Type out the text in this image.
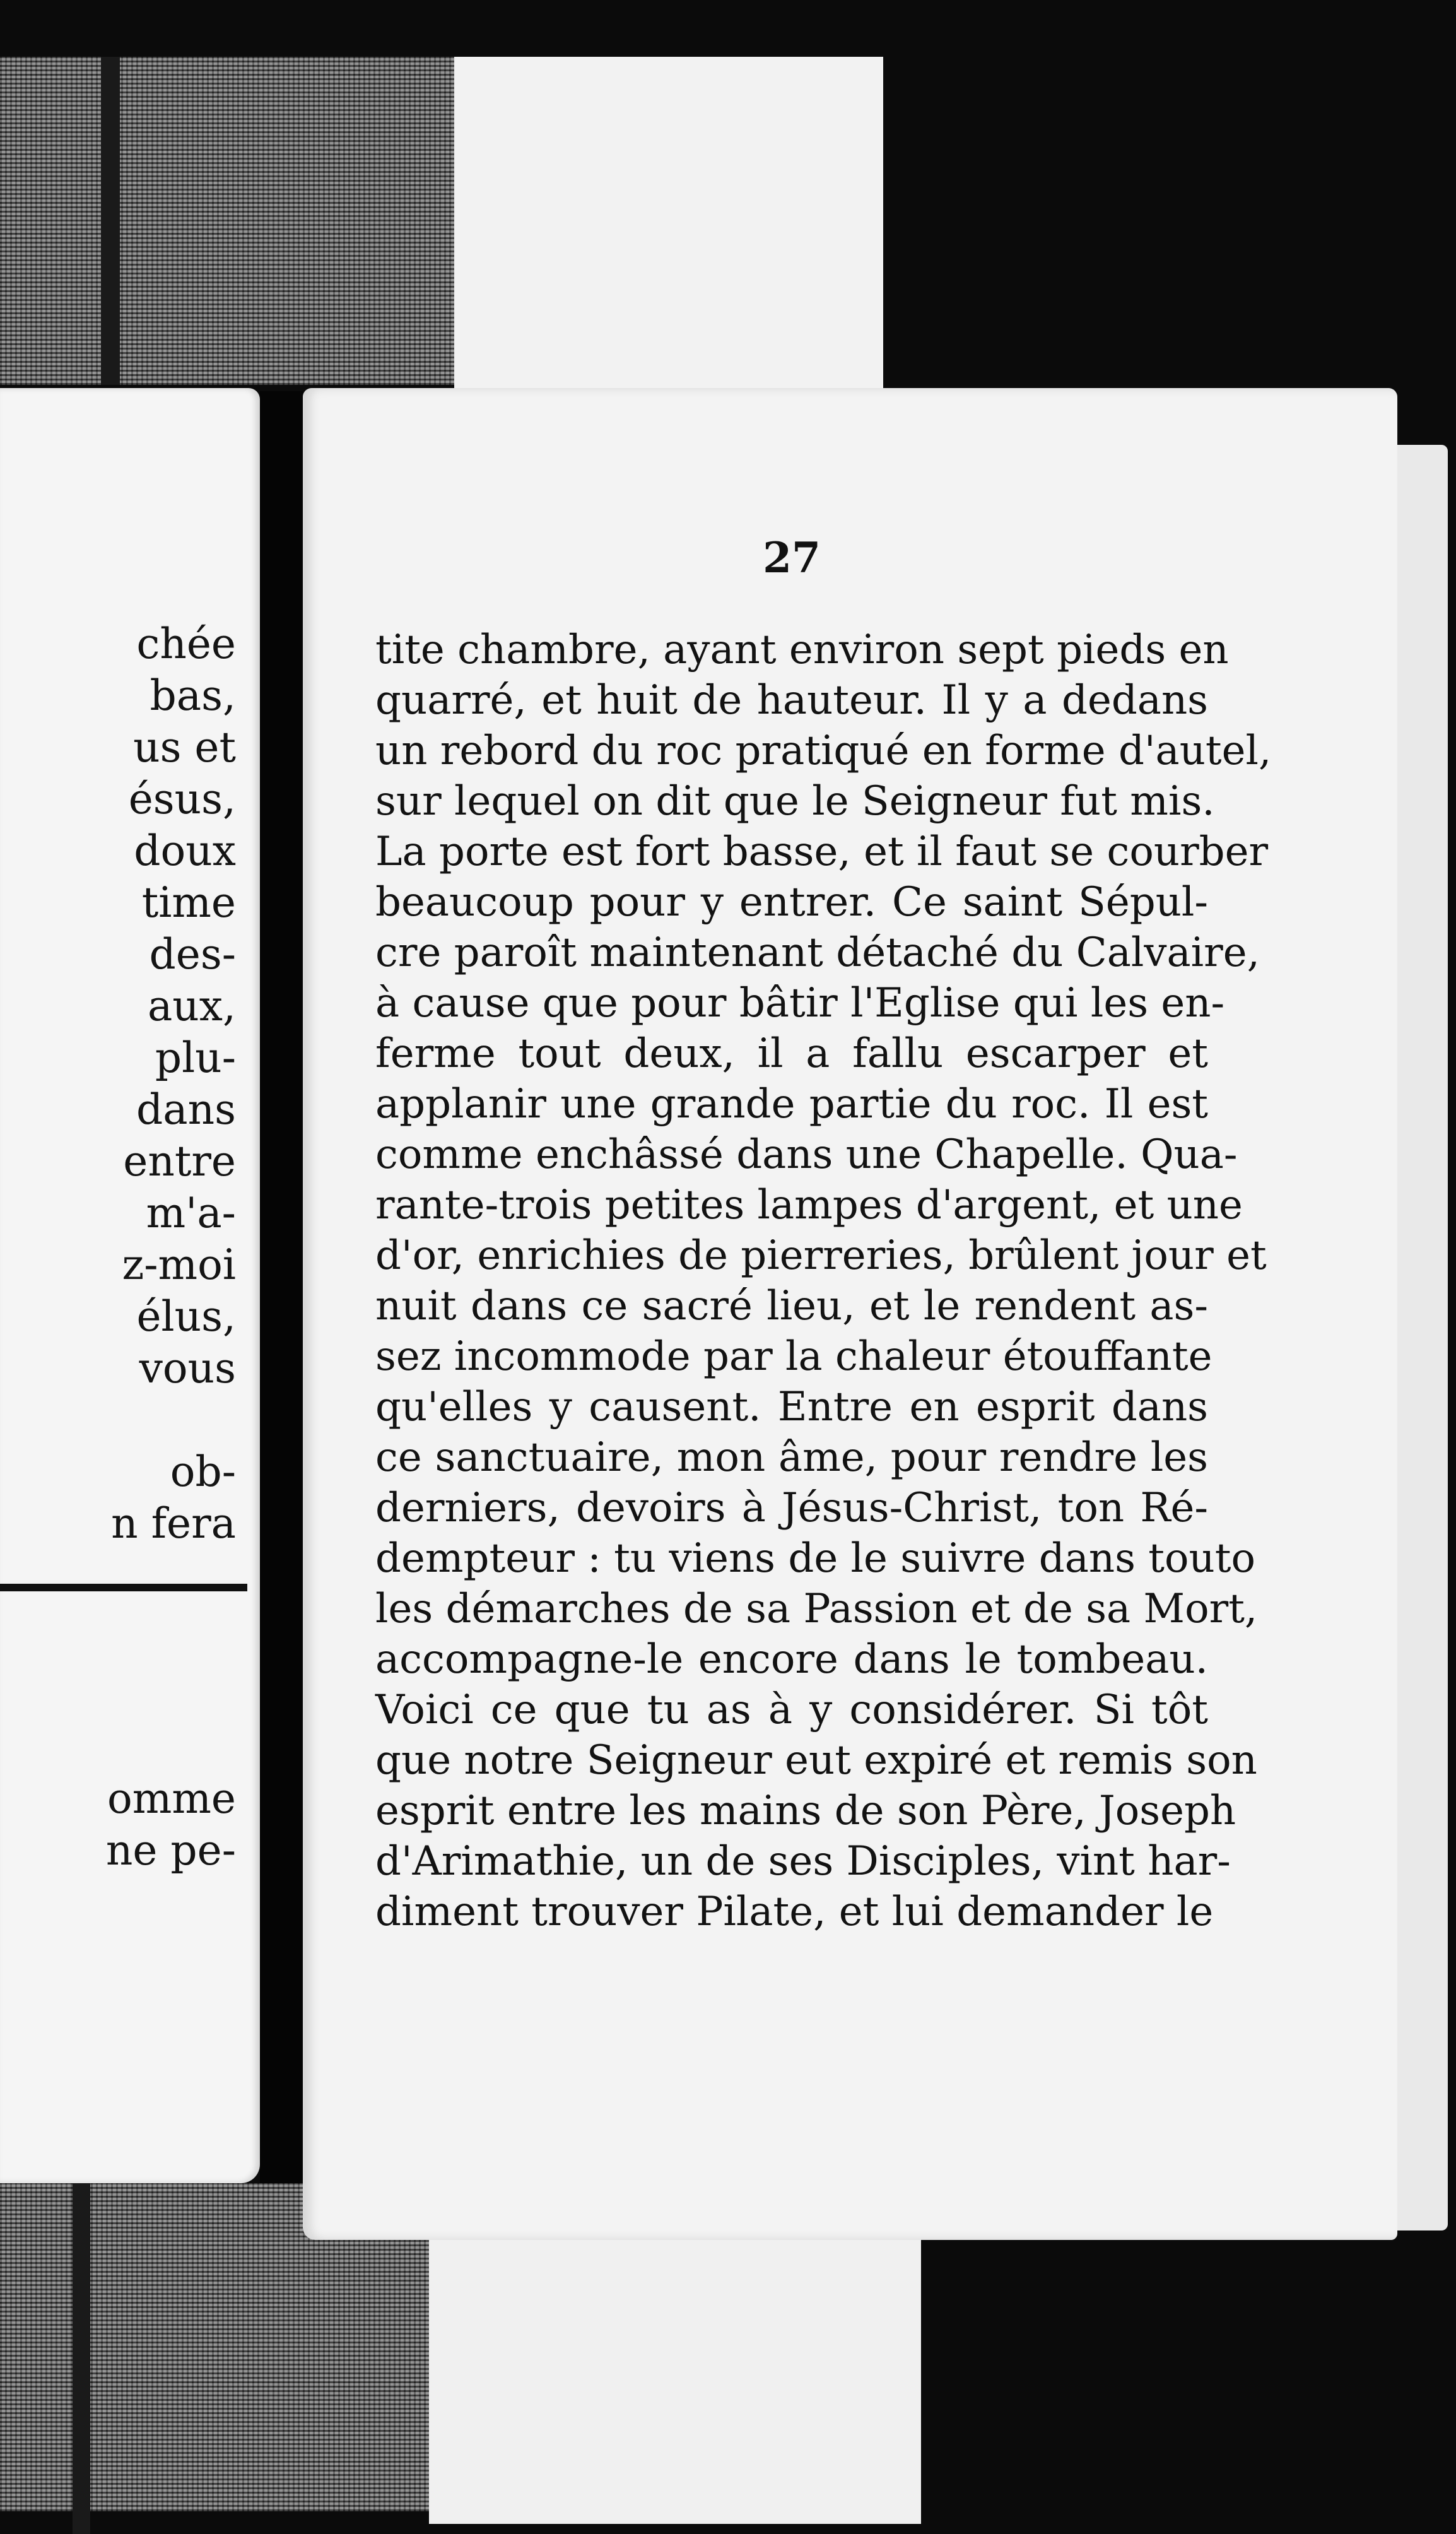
chée
bas,
us et
ésus,
doux
time
des-
aux,
plu-
dans
entre
m'a-
z-moi
élus,
vous
ob-
n fera
omme ne pe-
27
tite chambre, ayant environ sept pieds en
quarré, et huit de hauteur. Il y a dedans
un rebord du roc pratiqué en forme d'autel,
sur lequel on dit que le Seigneur fut mis.
La porte est fort basse, et il faut se courber
beaucoup pour y entrer. Ce saint Sépul-
cre paroît maintenant détaché du Calvaire,
à cause que pour bâtir l'Eglise qui les en-
ferme tout deux, il a fallu escarper et
applanir une grande partie du roc. Il est
comme enchâssé dans une Chapelle. Qua-
rante-trois petites lampes d'argent, et une
d'or, enrichies de pierreries, brûlent jour et
nuit dans ce sacré lieu, et le rendent as-
sez incommode par la chaleur étouffante
qu'elles y causent. Entre en esprit dans
ce sanctuaire, mon âme, pour rendre les
derniers, devoirs à Jésus-Christ, ton Ré-
dempteur : tu viens de le suivre dans touto
les démarches de sa Passion et de sa Mort,
accompagne-le encore dans le tombeau.
Voici ce que tu as à y considérer. Si tôt
que notre Seigneur eut expiré et remis son
esprit entre les mains de son Père, Joseph
d'Arimathie, un de ses Disciples, vint har-
diment trouver Pilate, et lui demander le
